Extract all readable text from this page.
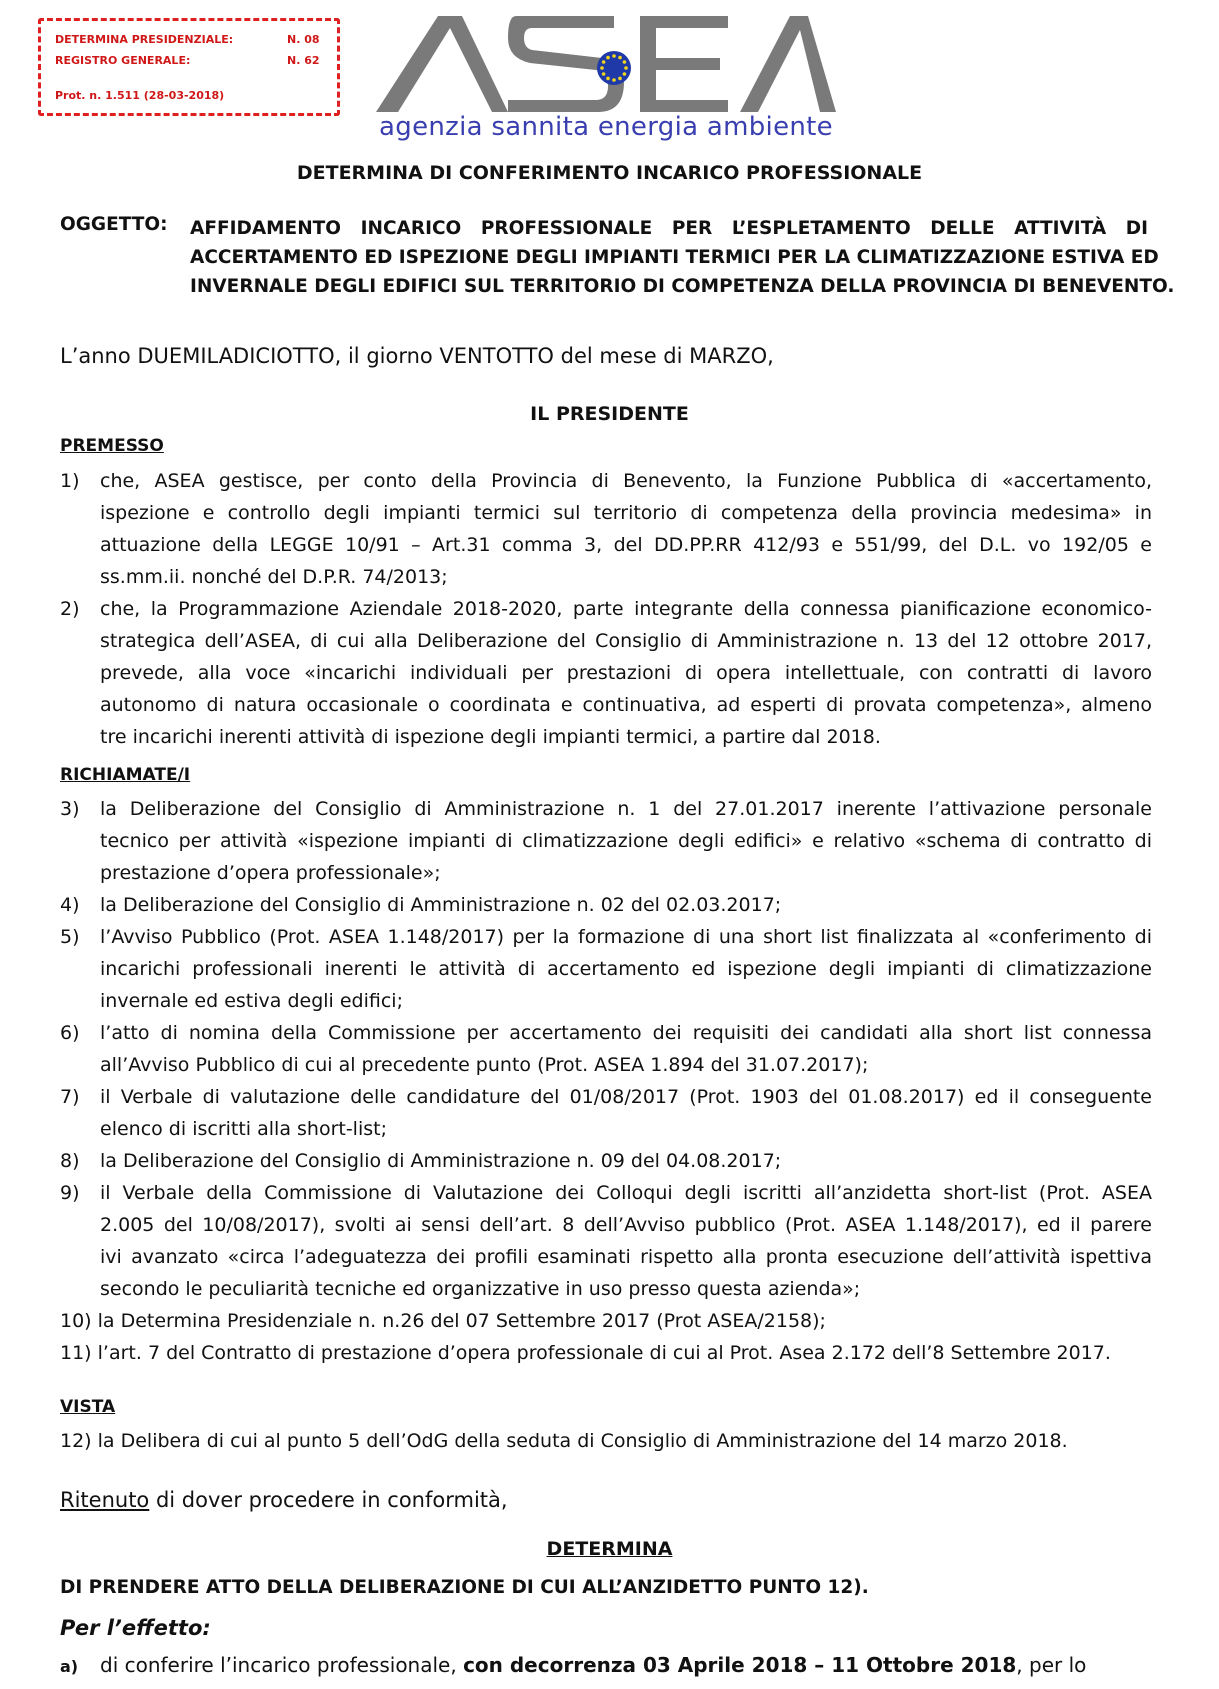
DETERMINA PRESIDENZIALE:	N. 08
REGISTRO GENERALE:	N. 62
Prot. n. 1.511 (28-03-2018)
agenzia sannita energia ambiente
DETERMINA DI CONFERIMENTO INCARICO PROFESSIONALE
OGGETTO: AFFIDAMENTO INCARICO PROFESSIONALE PER L’ESPLETAMENTO DELLE ATTIVITÀ DI
ACCERTAMENTO ED ISPEZIONE DEGLI IMPIANTI TERMICI PER LA CLIMATIZZAZIONE ESTIVA ED
INVERNALE DEGLI EDIFICI SUL TERRITORIO DI COMPETENZA DELLA PROVINCIA DI BENEVENTO.
L’anno DUEMILADICIOTTO, il giorno VENTOTTO del mese di MARZO,
IL PRESIDENTE
PREMESSO
1) che, ASEA gestisce, per conto della Provincia di Benevento, la Funzione Pubblica di «accertamento,
ispezione e controllo degli impianti termici sul territorio di competenza della provincia medesima» in
attuazione della LEGGE 10/91 – Art.31 comma 3, del DD.PP.RR 412/93 e 551/99, del D.L. vo 192/05 e
ss.mm.ii. nonché del D.P.R. 74/2013;
2) che, la Programmazione Aziendale 2018-2020, parte integrante della connessa pianificazione economico-
strategica dell’ASEA, di cui alla Deliberazione del Consiglio di Amministrazione n. 13 del 12 ottobre 2017,
prevede, alla voce «incarichi individuali per prestazioni di opera intellettuale, con contratti di lavoro
autonomo di natura occasionale o coordinata e continuativa, ad esperti di provata competenza», almeno
tre incarichi inerenti attività di ispezione degli impianti termici, a partire dal 2018.
RICHIAMATE/I
3) la Deliberazione del Consiglio di Amministrazione n. 1 del 27.01.2017 inerente l’attivazione personale
tecnico per attività «ispezione impianti di climatizzazione degli edifici» e relativo «schema di contratto di
prestazione d’opera professionale»;
4) la Deliberazione del Consiglio di Amministrazione n. 02 del 02.03.2017;
5) l’Avviso Pubblico (Prot. ASEA 1.148/2017) per la formazione di una short list finalizzata al «conferimento di
incarichi professionali inerenti le attività di accertamento ed ispezione degli impianti di climatizzazione
invernale ed estiva degli edifici;
6) l’atto di nomina della Commissione per accertamento dei requisiti dei candidati alla short list connessa
all’Avviso Pubblico di cui al precedente punto (Prot. ASEA 1.894 del 31.07.2017);
7) il Verbale di valutazione delle candidature del 01/08/2017 (Prot. 1903 del 01.08.2017) ed il conseguente
elenco di iscritti alla short-list;
8) la Deliberazione del Consiglio di Amministrazione n. 09 del 04.08.2017;
9) il Verbale della Commissione di Valutazione dei Colloqui degli iscritti all’anzidetta short-list (Prot. ASEA
2.005 del 10/08/2017), svolti ai sensi dell’art. 8 dell’Avviso pubblico (Prot. ASEA 1.148/2017), ed il parere
ivi avanzato «circa l’adeguatezza dei profili esaminati rispetto alla pronta esecuzione dell’attività ispettiva
secondo le peculiarità tecniche ed organizzative in uso presso questa azienda»;
10) la Determina Presidenziale n. n.26 del 07 Settembre 2017 (Prot ASEA/2158);
11) l’art. 7 del Contratto di prestazione d’opera professionale di cui al Prot. Asea 2.172 dell’8 Settembre 2017.
VISTA
12) la Delibera di cui al punto 5 dell’OdG della seduta di Consiglio di Amministrazione del 14 marzo 2018.
Ritenuto di dover procedere in conformità,
DETERMINA
DI PRENDERE ATTO DELLA DELIBERAZIONE DI CUI ALL’ANZIDETTO PUNTO 12).
Per l’effetto:
a) di conferire l’incarico professionale, con decorrenza 03 Aprile 2018 – 11 Ottobre 2018, per lo
